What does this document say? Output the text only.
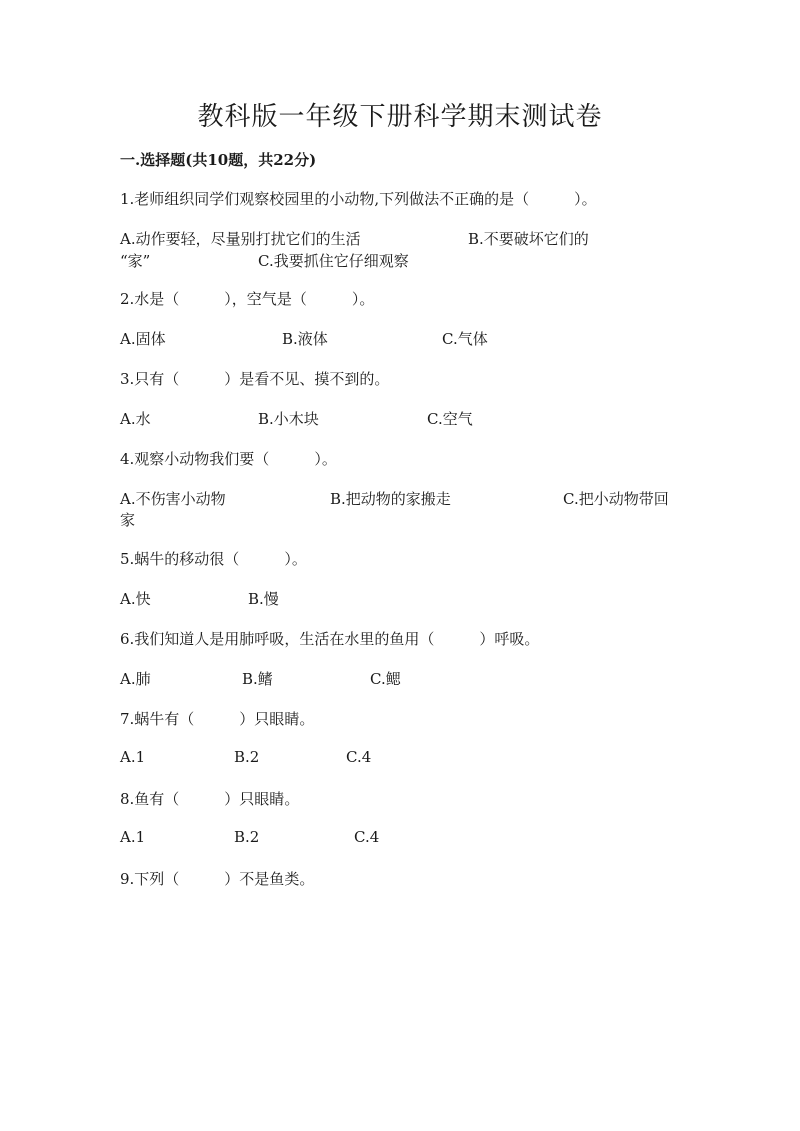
教科版一年级下册科学期末测试卷
一.选择题(共10题，共22分)
1.老师组织同学们观察校园里的小动物,下列做法不正确的是（　　　）。
A.动作要轻，尽量别打扰它们的生活	B.不要破坏它们的
“家”	C.我要抓住它仔细观察
2.水是（　　　），空气是（　　　）。
A.固体	B.液体	C.气体
3.只有（　　　）是看不见、摸不到的。
A.水	B.小木块	C.空气
4.观察小动物我们要（　　　）。
A.不伤害小动物	B.把动物的家搬走	C.把小动物带回
家
5.蜗牛的移动很（　　　）。
A.快	B.慢
6.我们知道人是用肺呼吸，生活在水里的鱼用（　　　）呼吸。
A.肺	B.鳍	C.鳃
7.蜗牛有（　　　）只眼睛。
A.1	B.2	C.4
8.鱼有（　　　）只眼睛。
A.1	B.2	C.4
9.下列（　　　）不是鱼类。
